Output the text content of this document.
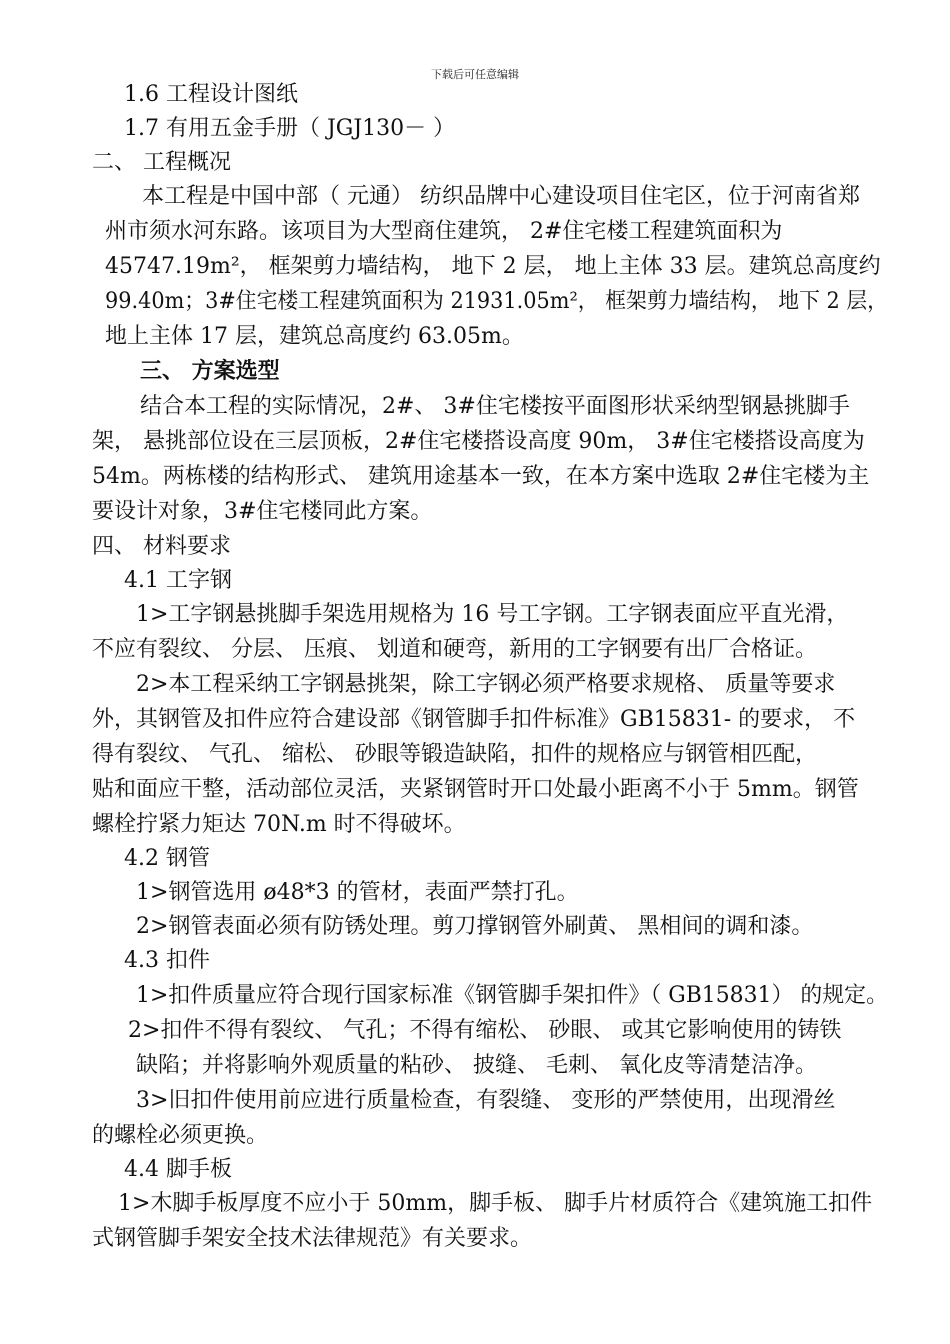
下载后可任意编辑
1.6 工程设计图纸
1.7 有用五金手册（ JGJ130－ ）
二、 工程概况
本工程是中国中部（ 元通） 纺织品牌中心建设项目住宅区，位于河南省郑
州市须水河东路。该项目为大型商住建筑， 2#住宅楼工程建筑面积为
45747.19m²， 框架剪力墙结构， 地下 2 层， 地上主体 33 层。建筑总高度约
99.40m；3#住宅楼工程建筑面积为 21931.05m²， 框架剪力墙结构， 地下 2 层，
地上主体 17 层，建筑总高度约 63.05m。
三、 方案选型
结合本工程的实际情况，2#、 3#住宅楼按平面图形状采纳型钢悬挑脚手
架， 悬挑部位设在三层顶板，2#住宅楼搭设高度 90m， 3#住宅楼搭设高度为
54m。两栋楼的结构形式、 建筑用途基本一致，在本方案中选取 2#住宅楼为主
要设计对象，3#住宅楼同此方案。
四、 材料要求
4.1 工字钢
1>工字钢悬挑脚手架选用规格为 16 号工字钢。工字钢表面应平直光滑，
不应有裂纹、 分层、 压痕、 划道和硬弯，新用的工字钢要有出厂合格证。
2>本工程采纳工字钢悬挑架，除工字钢必须严格要求规格、 质量等要求
外，其钢管及扣件应符合建设部《钢管脚手扣件标准》GB15831- 的要求， 不
得有裂纹、 气孔、 缩松、 砂眼等锻造缺陷，扣件的规格应与钢管相匹配，
贴和面应干整，活动部位灵活，夹紧钢管时开口处最小距离不小于 5mm。钢管
螺栓拧紧力矩达 70N.m 时不得破坏。
4.2 钢管
1>钢管选用 ø48*3 的管材，表面严禁打孔。
2>钢管表面必须有防锈处理。剪刀撑钢管外刷黄、 黑相间的调和漆。
4.3 扣件
1>扣件质量应符合现行国家标准《钢管脚手架扣件》（ GB15831） 的规定。
2>扣件不得有裂纹、 气孔；不得有缩松、 砂眼、 或其它影响使用的铸铁
缺陷；并将影响外观质量的粘砂、 披缝、 毛刺、 氧化皮等清楚洁净。
3>旧扣件使用前应进行质量检查，有裂缝、 变形的严禁使用，出现滑丝
的螺栓必须更换。
4.4 脚手板
1>木脚手板厚度不应小于 50mm，脚手板、 脚手片材质符合《建筑施工扣件
式钢管脚手架安全技术法律规范》有关要求。
